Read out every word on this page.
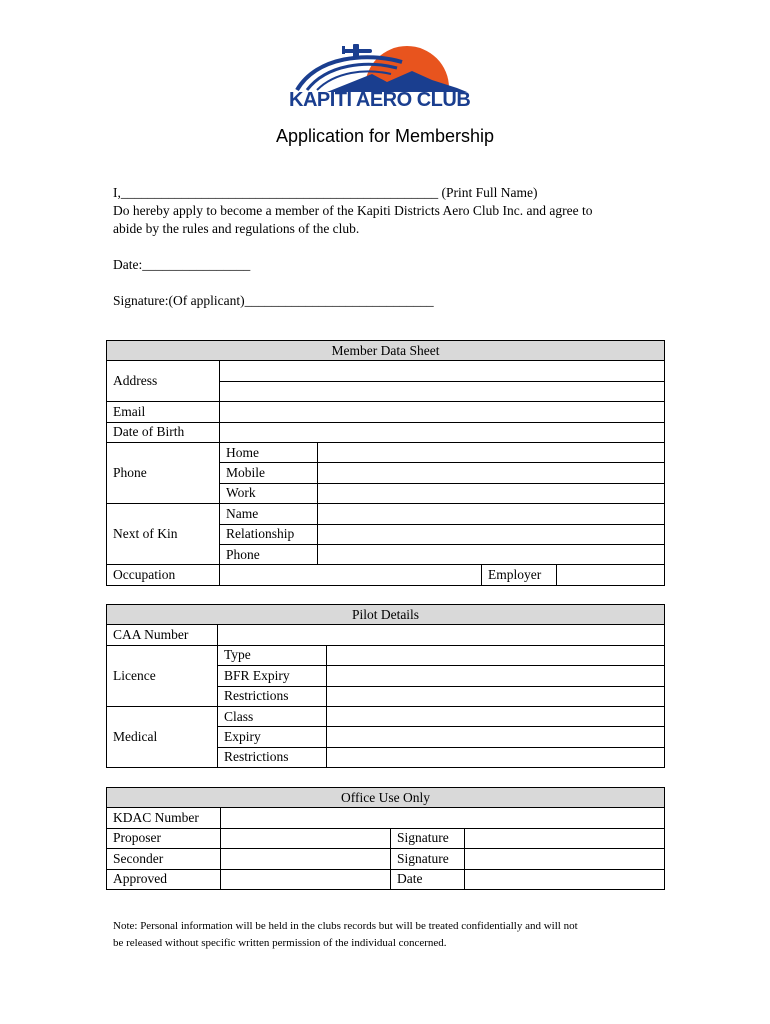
KAPITI AERO CLUB
Application for Membership
I,_______________________________________________ (Print Full Name)
Do hereby apply to become a member of the Kapiti Districts Aero Club Inc. and agree to
abide by the rules and regulations of the club.
Date:________________
Signature:(Of applicant)____________________________
Member Data Sheet				
Address				

Email				
Date of Birth				
Phone	Home			
	Mobile			
	Work			
Next of Kin	Name			
	Relationship			
	Phone			
Occupation			Employer	
Pilot Details		
CAA Number		
Licence	Type	
	BFR Expiry	
	Restrictions	
Medical	Class	
	Expiry	
	Restrictions	
Office Use Only			
KDAC Number			
Proposer		Signature	
Seconder		Signature	
Approved		Date	
Note: Personal information will be held in the clubs records but will be treated confidentially and will not
be released without specific written permission of the individual concerned.
